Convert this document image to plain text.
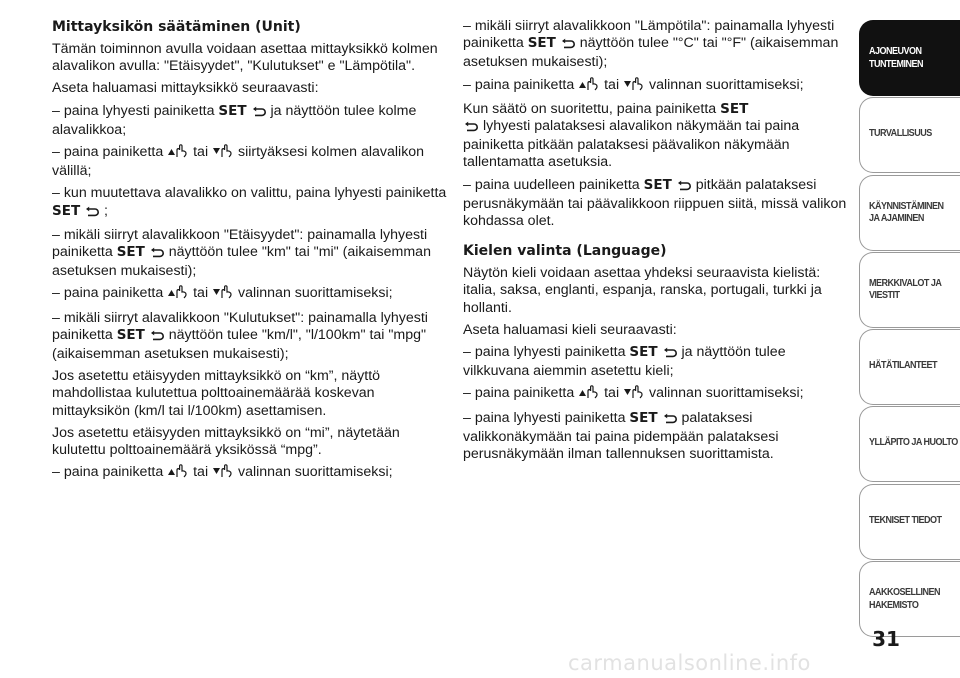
Mittayksikön säätäminen (Unit)

Tämän toiminnon avulla voidaan asettaa mittayksikkö kolmen alavalikon avulla: "Etäisyydet", "Kulutukset" e "Lämpötila".

Aseta haluamasi mittayksikkö seuraavasti:

– paina lyhyesti painiketta SET  ja näyttöön tulee kolme alavalikkoa;

– paina painiketta  tai  siirtyäksesi kolmen alavalikon välillä;

– kun muutettava alavalikko on valittu, paina lyhyesti painiketta SET  ;

– mikäli siirryt alavalikkoon "Etäisyydet": painamalla lyhyesti painiketta SET  näyttöön tulee "km" tai "mi" (aikaisemman asetuksen mukaisesti);

– paina painiketta  tai  valinnan suorittamiseksi;

– mikäli siirryt alavalikkoon "Kulutukset": painamalla lyhyesti painiketta SET  näyttöön tulee "km/l", "l/100km" tai "mpg" (aikaisemman asetuksen mukaisesti);

Jos asetettu etäisyyden mittayksikkö on “km”, näyttö mahdollistaa kulutettua polttoainemäärää koskevan mittayksikön (km/l tai l/100km) asettamisen.

Jos asetettu etäisyyden mittayksikkö on “mi”, näytetään kulutettu polttoainemäärä yksikössä “mpg”.

– paina painiketta  tai  valinnan suorittamiseksi;

– mikäli siirryt alavalikkoon "Lämpötila": painamalla lyhyesti painiketta SET  näyttöön tulee "°C" tai "°F" (aikaisemman asetuksen mukaisesti);

– paina painiketta  tai  valinnan suorittamiseksi;

Kun säätö on suoritettu, paina painiketta SET
lyhyesti palataksesi alavalikon näkymään tai paina painiketta pitkään palataksesi päävalikon näkymään tallentamatta asetuksia.

– paina uudelleen painiketta SET  pitkään palataksesi perusnäkymään tai päävalikkoon riippuen siitä, missä valikon kohdassa olet.

Kielen valinta (Language)

Näytön kieli voidaan asettaa yhdeksi seuraavista kielistä: italia, saksa, englanti, espanja, ranska, portugali, turkki ja hollanti.

Aseta haluamasi kieli seuraavasti:

– paina lyhyesti painiketta SET  ja näyttöön tulee vilkkuvana aiemmin asetettu kieli;

– paina painiketta  tai  valinnan suorittamiseksi;

– paina lyhyesti painiketta SET  palataksesi valikkonäkymään tai paina pidempään palataksesi perusnäkymään ilman tallennuksen suorittamista.

AJONEUVON
TUNTEMINEN
TURVALLISUUS
KÄYNNISTÄMINEN
JA AJAMINEN
MERKKIVALOT JA
VIESTIT
HÄTÄTILANTEET
YLLÄPITO JA HUOLTO
TEKNISET TIEDOT
AAKKOSELLINEN
HAKEMISTO
31
carmanualsonline.info
